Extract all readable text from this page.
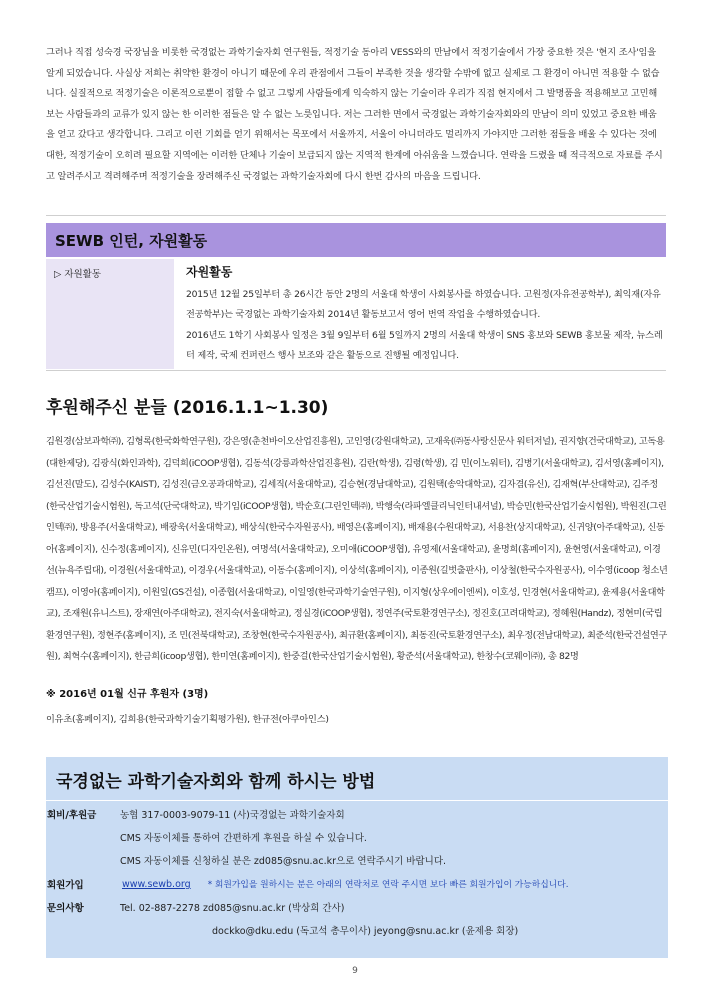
그러나 직접 성숙경 국장님을 비롯한 국경없는 과학기술자회 연구원들, 적정기술 동아리 VESS와의 만남에서 적정기술에서 가장 중요한 것은 '현지 조사'임을 알게 되었습니다. 사실상 저희는 취약한 환경이 아니기 때문에 우리 관점에서 그들이 부족한 것을 생각할 수밖에 없고 실제로 그 환경이 아니면 적용할 수 없습니다. 실질적으로 적정기술은 이론적으로뿐이 접할 수 없고 그렇게 사람들에게 익숙하지 않는 기술이라 우리가 직접 현지에서 그 발명품을 적용해보고 고민해보는 사람들과의 교류가 있지 않는 한 이러한 점들은 알 수 없는 노릇입니다. 저는 그러한 면에서 국경없는 과학기술자회와의 만남이 의미 있었고 중요한 배움을 얻고 갔다고 생각합니다. 그리고 이런 기회를 얻기 위해서는 목포에서 서울까지, 서울이 아니더라도 멀리까지 가야지만 그러한 점들을 배울 수 있다는 것에 대한, 적정기술이 오히려 필요할 지역에는 이러한 단체나 기술이 보급되지 않는 지역적 한계에 아쉬움을 느꼈습니다. 연락을 드렸을 때 적극적으로 자료를 주시고 알려주시고 격려해주며 적정기술을 장려해주신 국경없는 과학기술자회에 다시 한번 감사의 마음을 드립니다.
SEWB 인턴, 자원활동
▷ 자원활동	자원활동

2015년 12월 25일부터 총 26시간 동안 2명의 서울대 학생이 사회봉사를 하였습니다. 고원정(자유전공학부), 최익재(자유전공학부)는 국경없는 과학기술자회 2014년 활동보고서 영어 번역 작업을 수행하였습니다.

2016년도 1학기 사회봉사 일정은 3월 9일부터 6월 5일까지 2명의 서울대 학생이 SNS 홍보와 SEWB 홍보물 제작, 뉴스레터 제작, 국제 컨퍼런스 행사 보조와 같은 활동으로 진행될 예정입니다.

후원해주신 분들 (2016.1.1~1.30)
김원경(삼보과학㈜), 김형록(한국화학연구원), 강은영(춘천바이오산업진흥원), 고인영(강원대학교), 고재욱(㈜동사랑신문사 워터저널), 권지향(건국대학교), 고독용(대한제당), 김광식(화인과학), 김덕희(iCOOP생협), 김동석(강릉과학산업진흥원), 김란(학생), 김령(학생), 김 민(이노워터), 김병기(서울대학교), 김서영(홈페이지), 김선진(말도), 김성수(KAIST), 김성진(금오공과대학교), 김세직(서울대학교), 김승현(경남대학교), 김원택(송악대학교), 김자겸(유신), 김재혁(부산대학교), 김주정(한국산업기술시험원), 독고석(단국대학교), 박기임(iCOOP생협), 박순호(그린인텍㈜), 박행숙(라파엘클리닉인터내셔널), 박승민(한국산업기술시험원), 박원진(그린인텍㈜), 방용주(서울대학교), 배광욱(서울대학교), 배상식(한국수자원공사), 배영은(홈페이지), 배재용(수원대학교), 서용찬(상지대학교), 신귀양(아주대학교), 신동아(홈페이지), 신수정(홈페이지), 신유민(디자인온원), 여명석(서울대학교), 오미애(iCOOP생협), 유영제(서울대학교), 윤명희(홈페이지), 윤현영(서울대학교), 이경선(뉴욕주립대), 이경원(서울대학교), 이경우(서울대학교), 이동수(홈페이지), 이상석(홈페이지), 이종원(길벗출판사), 이상철(한국수자원공사), 이수영(icoop 청소년 캠프), 이영아(홈페이지), 이원일(GS건설), 이종협(서울대학교), 이일영(한국과학기술연구원), 이지형(상우에이엔씨), 이호성, 인경현(서울대학교), 윤제용(서울대학교), 조재원(유니스트), 장재연(아주대학교), 전지숙(서울대학교), 정실경(iCOOP생협), 정연주(국토환경연구소), 정진호(고려대학교), 정혜원(Handz), 정현미(국립환경연구원), 정현주(홈페이지), 조 민(전북대학교), 조창현(한국수자원공사), 최규환(홈페이지), 최동진(국토환경연구소), 최우정(전남대학교), 최준석(한국건설연구원), 최혁수(홈페이지), 한금희(icoop생협), 한미연(홈페이지), 한중걸(한국산업기술시험원), 황준석(서울대학교), 한창수(코웨이㈜), 총 82명
※ 2016년 01월 신규 후원자 (3명)
이유초(홈페이지), 김희용(한국과학기술기획평가원), 한규전(아쿠아인스)
국경없는 과학기술자회와 함께 하시는 방법
회비/후원금 농협 317-0003-9079-11 (사)국경없는 과학기술자회
CMS 자동이체를 통하여 간편하게 후원을 하실 수 있습니다.
CMS 자동이체를 신청하실 분은 zd085@snu.ac.kr으로 연락주시기 바랍니다.
회원가입	www.sewb.org * 회원가입을 원하시는 분은 아래의 연락처로 연락 주시면 보다 빠른 회원가입이 가능하십니다.
문의사항	Tel. 02-887-2278 zd085@snu.ac.kr (박상희 간사)
dockko@dku.edu (독고석 총무이사) jeyong@snu.ac.kr (윤제용 회장)
9
